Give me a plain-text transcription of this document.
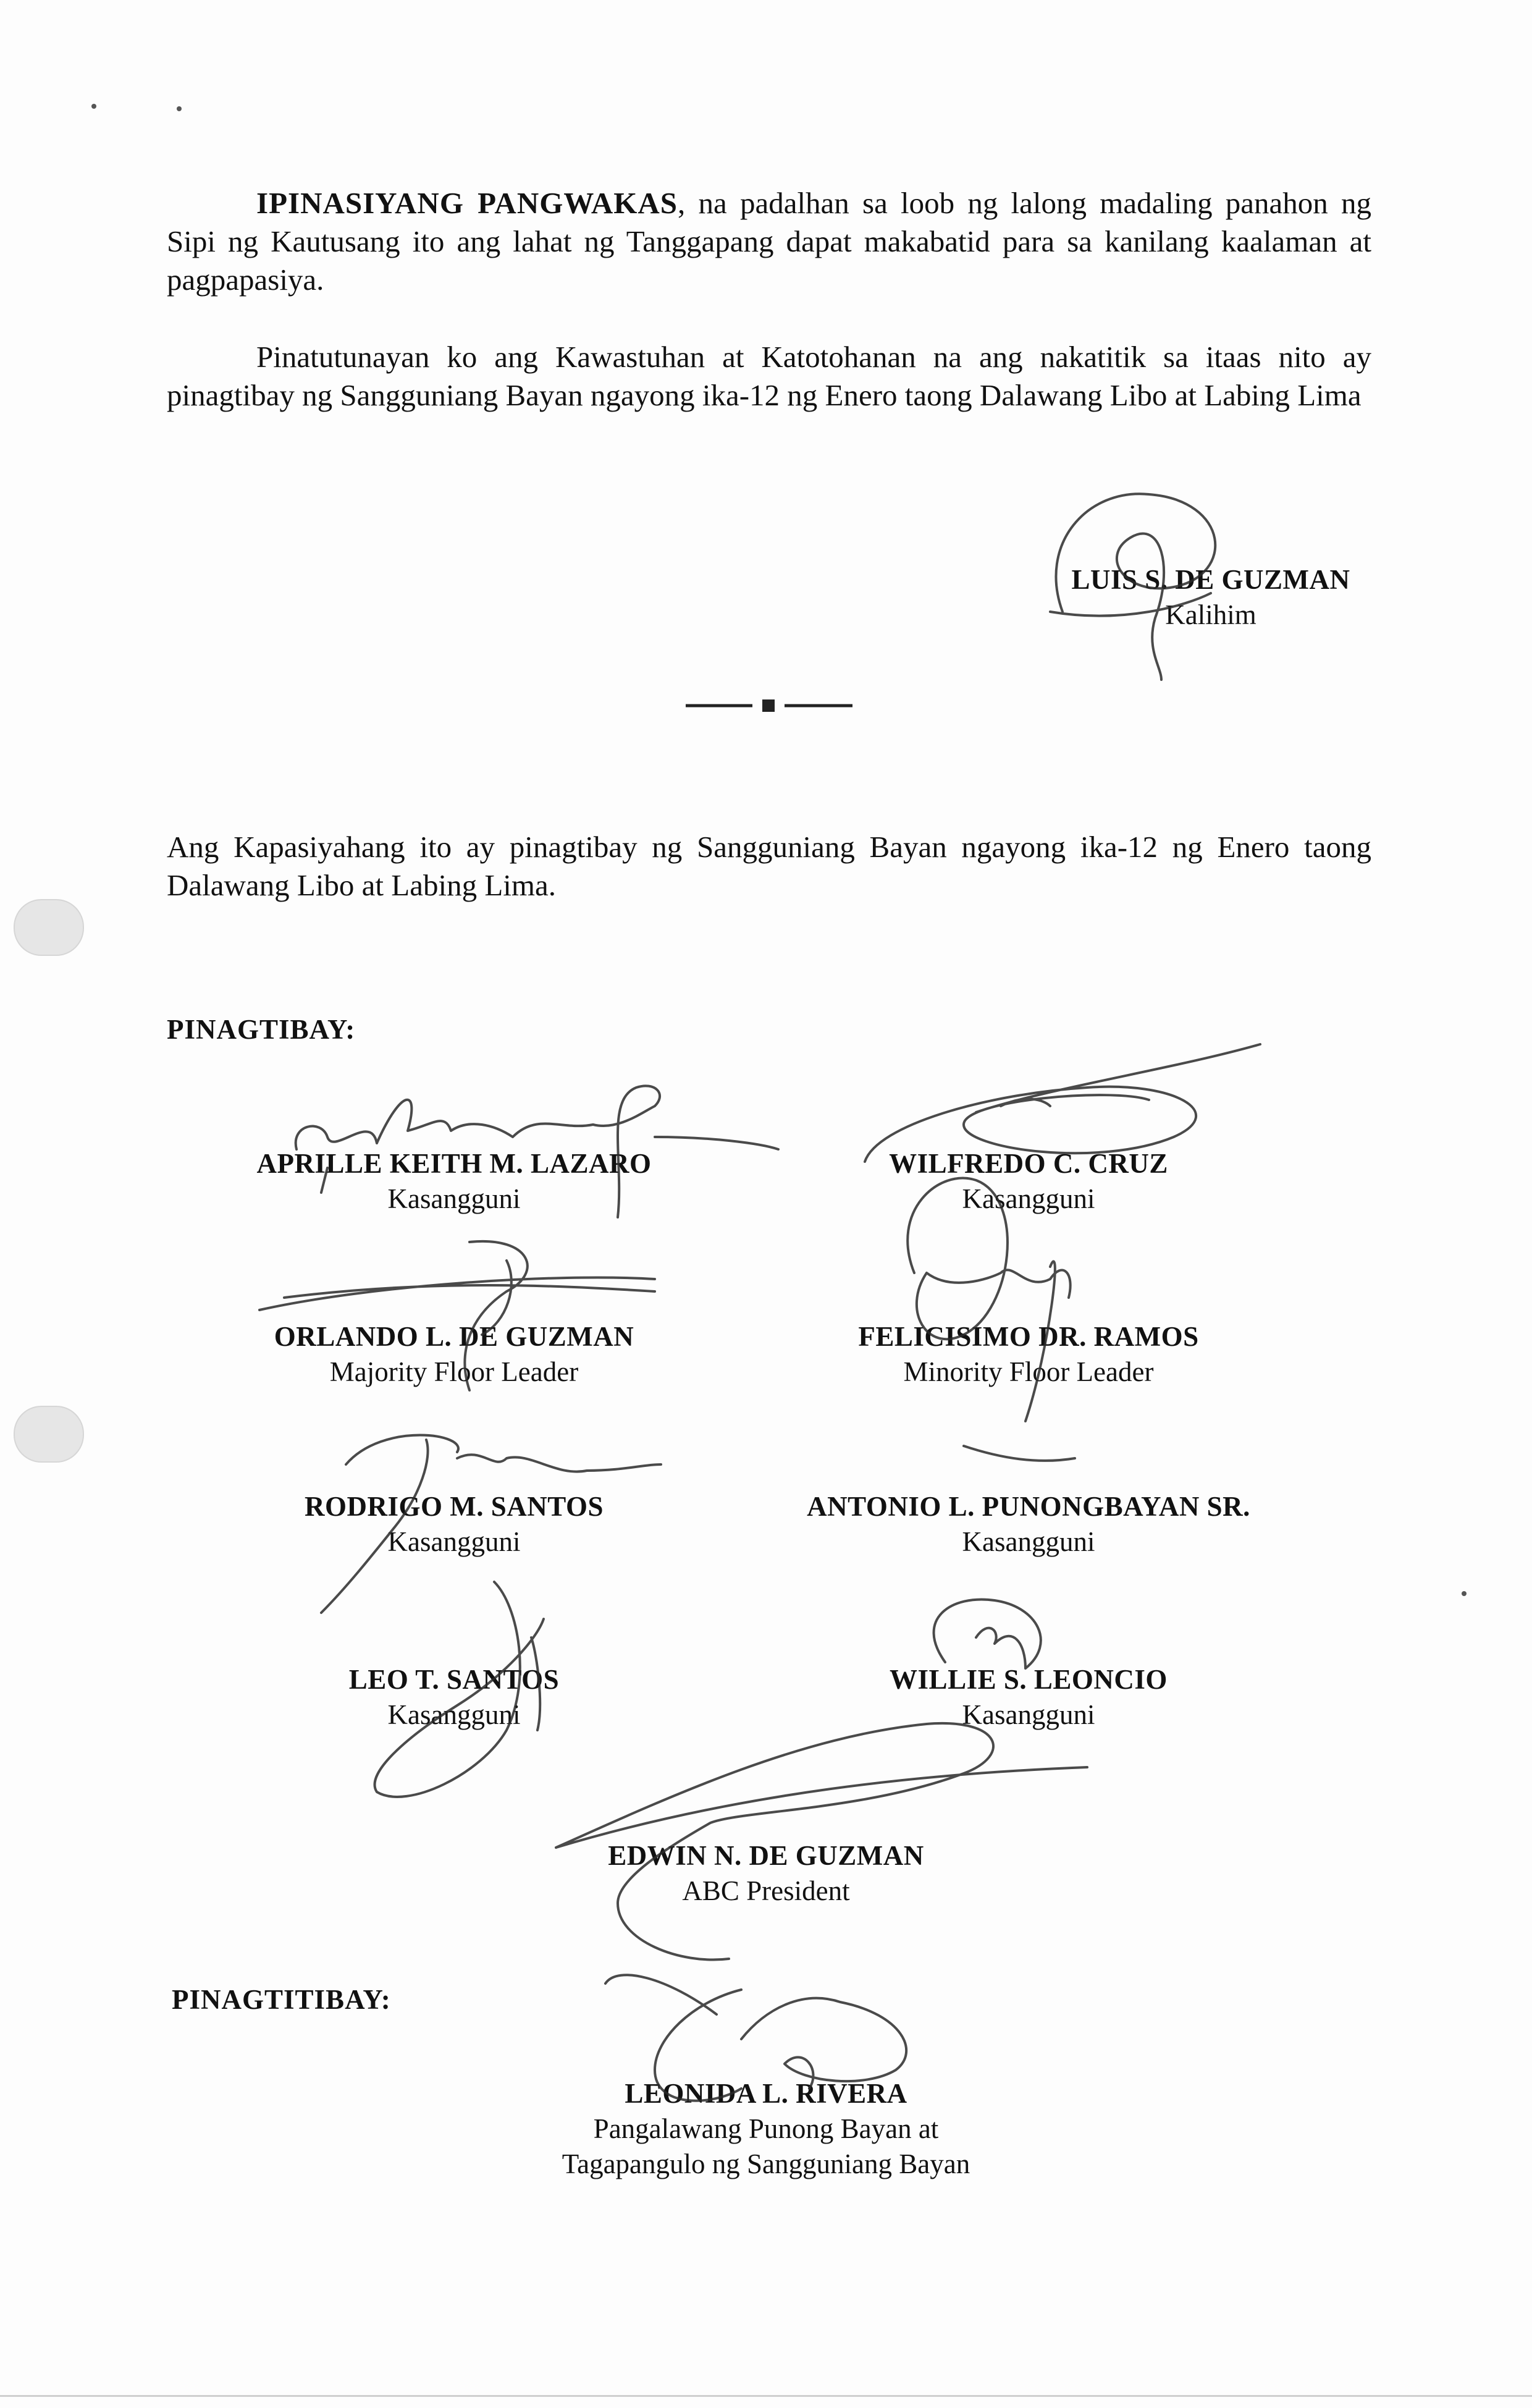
IPINASIYANG PANGWAKAS, na padalhan sa loob ng lalong madaling panahon ng Sipi ng Kautusang ito ang lahat ng Tanggapang dapat makabatid para sa kanilang kaalaman at pagpapasiya.
Pinatutunayan ko ang Kawastuhan at Katotohanan na ang nakatitik sa itaas nito ay pinagtibay ng Sangguniang Bayan ngayong ika-12 ng Enero taong Dalawang Libo at Labing Lima
LUIS S. DE GUZMAN
Kalihim
Ang Kapasiyahang ito ay pinagtibay ng Sangguniang Bayan ngayong ika-12 ng Enero taong Dalawang Libo at Labing Lima.
PINAGTIBAY:
APRILLE KEITH M. LAZARO
Kasangguni
WILFREDO C. CRUZ
Kasangguni
ORLANDO L. DE GUZMAN
Majority Floor Leader
FELICISIMO DR. RAMOS
Minority Floor Leader
RODRIGO M. SANTOS
Kasangguni
ANTONIO L. PUNONGBAYAN SR.
Kasangguni
LEO T. SANTOS
Kasangguni
WILLIE S. LEONCIO
Kasangguni
EDWIN N. DE GUZMAN
ABC President
PINAGTITIBAY:
LEONIDA L. RIVERA
Pangalawang Punong Bayan at
Tagapangulo ng Sangguniang Bayan
